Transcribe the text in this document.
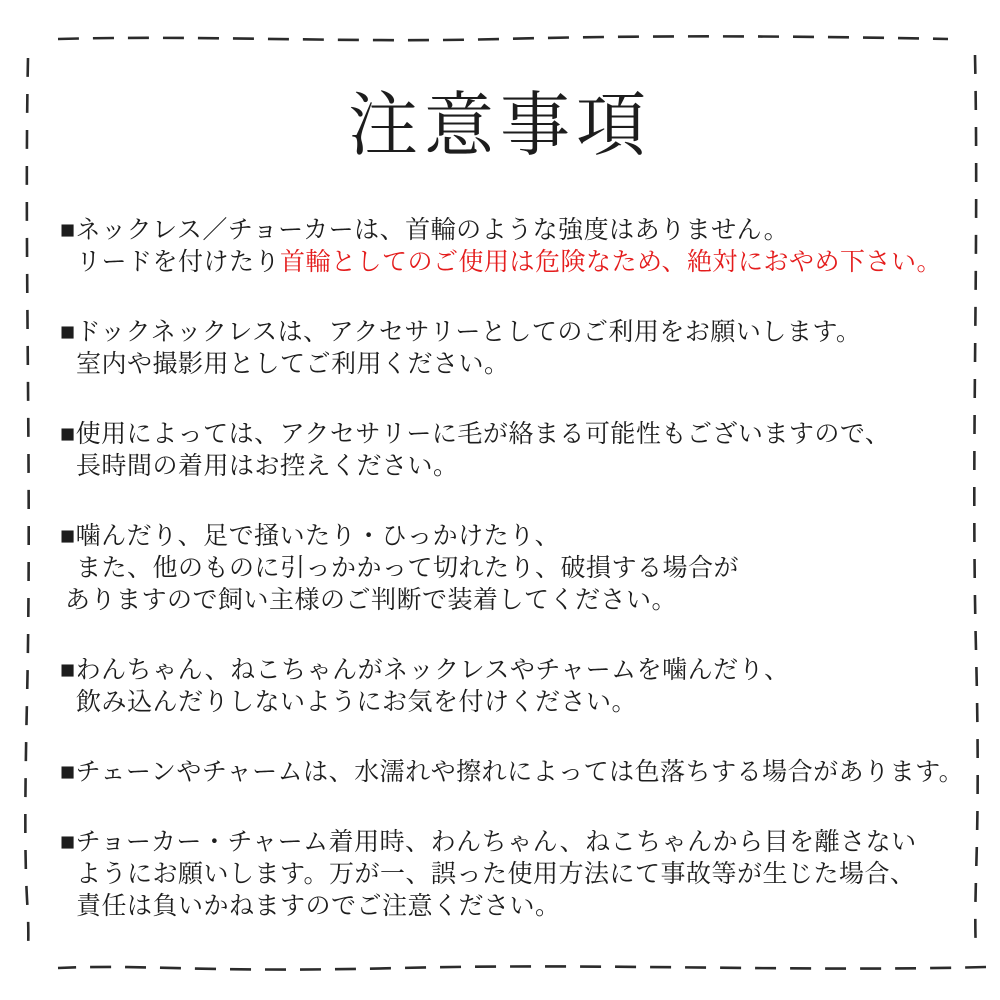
注意事項

■ネックレス／チョーカーは、首輪のような強度はありません。
リードを付けたり首輪としてのご使用は危険なため、絶対におやめ下さい。

■ドックネックレスは、アクセサリーとしてのご利用をお願いします。
室内や撮影用としてご利用ください。

■使用によっては、アクセサリーに毛が絡まる可能性もございますので、
長時間の着用はお控えください。

■噛んだり、足で掻いたり・ひっかけたり、
また、他のものに引っかかって切れたり、破損する場合が
ありますので飼い主様のご判断で装着してください。

■わんちゃん、ねこちゃんがネックレスやチャームを噛んだり、
飲み込んだりしないようにお気を付けください。

■チェーンやチャームは、水濡れや擦れによっては色落ちする場合があります。

■チョーカー・チャーム着用時、わんちゃん、ねこちゃんから目を離さない
ようにお願いします。万が一、誤った使用方法にて事故等が生じた場合、
責任は負いかねますのでご注意ください。
